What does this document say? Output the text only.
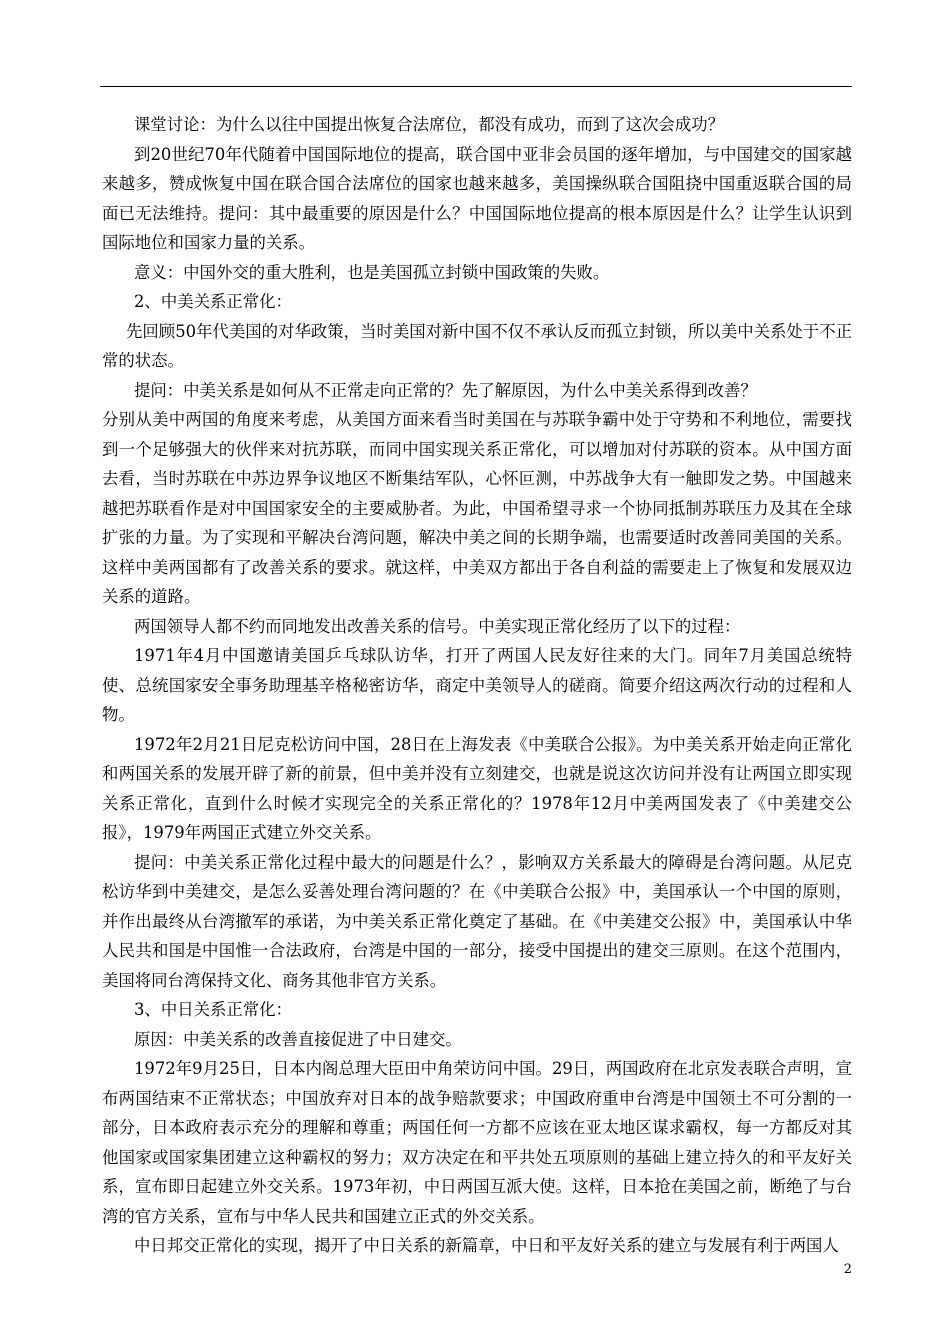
课堂讨论：为什么以往中国提出恢复合法席位，都没有成功，而到了这次会成功？

到20世纪70年代随着中国国际地位的提高，联合国中亚非会员国的逐年增加，与中国建交的国家越来越多，赞成恢复中国在联合国合法席位的国家也越来越多，美国操纵联合国阻挠中国重返联合国的局面已无法维持。提问：其中最重要的原因是什么？中国国际地位提高的根本原因是什么？让学生认识到国际地位和国家力量的关系。

意义：中国外交的重大胜利，也是美国孤立封锁中国政策的失败。

2、中美关系正常化：

先回顾50年代美国的对华政策，当时美国对新中国不仅不承认反而孤立封锁，所以美中关系处于不正常的状态。

提问：中美关系是如何从不正常走向正常的？先了解原因，为什么中美关系得到改善？

分别从美中两国的角度来考虑，从美国方面来看当时美国在与苏联争霸中处于守势和不利地位，需要找到一个足够强大的伙伴来对抗苏联，而同中国实现关系正常化，可以增加对付苏联的资本。从中国方面去看，当时苏联在中苏边界争议地区不断集结军队，心怀叵测，中苏战争大有一触即发之势。中国越来越把苏联看作是对中国国家安全的主要威胁者。为此，中国希望寻求一个协同抵制苏联压力及其在全球扩张的力量。为了实现和平解决台湾问题，解决中美之间的长期争端，也需要适时改善同美国的关系。这样中美两国都有了改善关系的要求。就这样，中美双方都出于各自利益的需要走上了恢复和发展双边关系的道路。

两国领导人都不约而同地发出改善关系的信号。中美实现正常化经历了以下的过程：

1971年4月中国邀请美国乒乓球队访华，打开了两国人民友好往来的大门。同年7月美国总统特使、总统国家安全事务助理基辛格秘密访华，商定中美领导人的磋商。简要介绍这两次行动的过程和人物。

1972年2月21日尼克松访问中国，28日在上海发表《中美联合公报》。为中美关系开始走向正常化和两国关系的发展开辟了新的前景，但中美并没有立刻建交，也就是说这次访问并没有让两国立即实现关系正常化，直到什么时候才实现完全的关系正常化的？1978年12月中美两国发表了《中美建交公报》，1979年两国正式建立外交关系。

提问：中美关系正常化过程中最大的问题是什么？，影响双方关系最大的障碍是台湾问题。从尼克松访华到中美建交，是怎么妥善处理台湾问题的？在《中美联合公报》中，美国承认一个中国的原则，并作出最终从台湾撤军的承诺，为中美关系正常化奠定了基础。在《中美建交公报》中，美国承认中华人民共和国是中国惟一合法政府，台湾是中国的一部分，接受中国提出的建交三原则。在这个范围内，美国将同台湾保持文化、商务其他非官方关系。

3、中日关系正常化：

原因：中美关系的改善直接促进了中日建交。

1972年9月25日，日本内阁总理大臣田中角荣访问中国。29日，两国政府在北京发表联合声明，宣布两国结束不正常状态；中国放弃对日本的战争赔款要求；中国政府重申台湾是中国领土不可分割的一部分，日本政府表示充分的理解和尊重；两国任何一方都不应该在亚太地区谋求霸权，每一方都反对其他国家或国家集团建立这种霸权的努力；双方决定在和平共处五项原则的基础上建立持久的和平友好关系，宣布即日起建立外交关系。1973年初，中日两国互派大使。这样，日本抢在美国之前，断绝了与台湾的官方关系，宣布与中华人民共和国建立正式的外交关系。

中日邦交正常化的实现，揭开了中日关系的新篇章，中日和平友好关系的建立与发展有利于两国人

2
